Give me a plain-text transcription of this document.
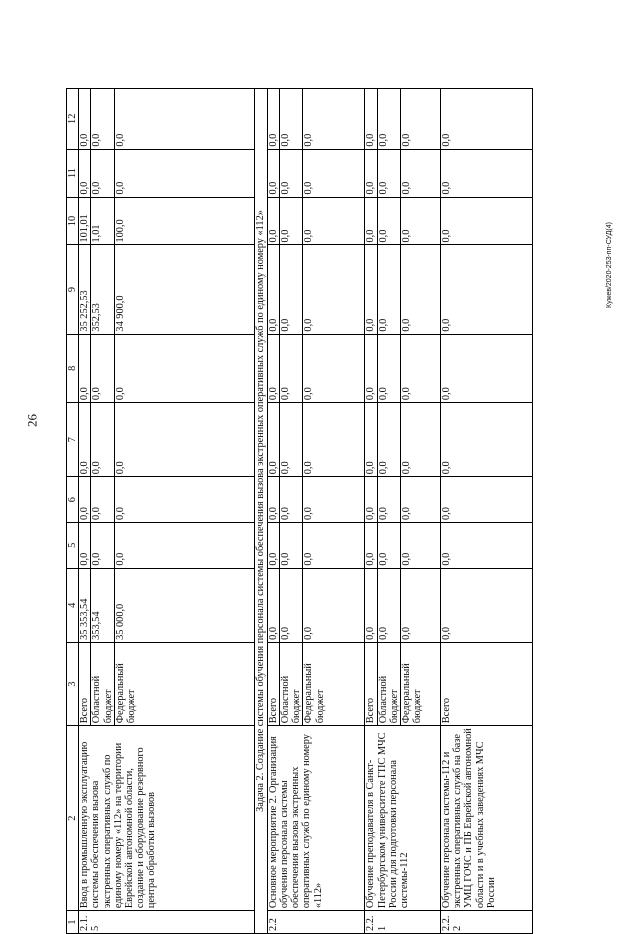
26
Кужев/2020-253-пп-СУД(4)
1	2	3	4	5	6	7	8	9	10	11	12
2.1.5	Ввод в промышленную эксплуатацию системы обеспечения вызова экстренных оперативных служб по единому номеру «112» на территории Еврейской автономной области, создание и оборудование резервного центра обработки вызовов	Всего	35 353,54	0,0	0,0	0,0	0,0	35 252,53	101,01	0,0	0,0
		Областной бюджет	353,54	0,0	0,0	0,0	0,0	352,53	1,01	0,0	0,0
		Федеральный бюджет	35 000,0	0,0	0,0	0,0	0,0	34 900,0	100,0	0,0	0,0
Задача 2. Создание системы обучения персонала системы обеспечения вызова экстренных оперативных служб по единому номеру «112»											
2.2	Основное мероприятие 2. Организация обучения персонала системы обеспечения вызова экстренных оперативных служб по единому номеру «112»	Всего	0,0	0,0	0,0	0,0	0,0	0,0	0,0	0,0	0,0
		Областной бюджет	0,0	0,0	0,0	0,0	0,0	0,0	0,0	0,0	0,0
		Федеральный бюджет	0,0	0,0	0,0	0,0	0,0	0,0	0,0	0,0	0,0
2.2.1	Обучение преподавателя в Санкт-Петербургском университете ГПС МЧС России для подготовки персонала системы-112	Всего	0,0	0,0	0,0	0,0	0,0	0,0	0,0	0,0	0,0
		Областной бюджет	0,0	0,0	0,0	0,0	0,0	0,0	0,0	0,0	0,0
		Федеральный бюджет	0,0	0,0	0,0	0,0	0,0	0,0	0,0	0,0	0,0
2.2.2	Обучение персонала системы-112 и экстренных оперативных служб на базе УМЦ ГОЧС и ПБ Еврейской автономной области и в учебных заведениях МЧС России	Всего	0,0	0,0	0,0	0,0	0,0	0,0	0,0	0,0	0,0
